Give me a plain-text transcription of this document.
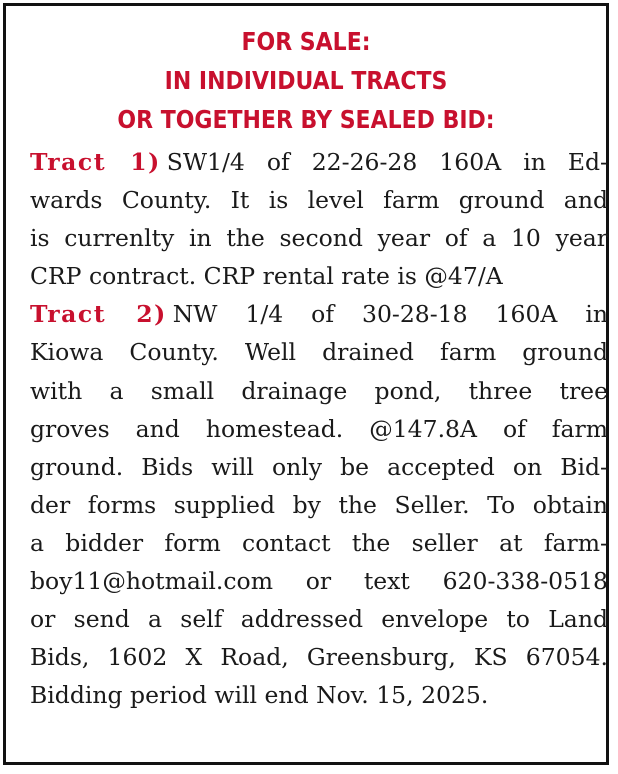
FOR SALE:
IN INDIVIDUAL TRACTS
OR TOGETHER BY SEALED BID:
Tract 1) SW1/4 of 22-26-28 160A in Ed-
wards County. It is level farm ground and
is currenlty in the second year of a 10 year
CRP contract. CRP rental rate is @47/A
Tract 2) NW 1/4 of 30-28-18 160A in
Kiowa County. Well drained farm ground
with a small drainage pond, three tree
groves and homestead. @147.8A of farm
ground. Bids will only be accepted on Bid-
der forms supplied by the Seller. To obtain
a bidder form contact the seller at farm-
boy11@hotmail.com or text 620-338-0518
or send a self addressed envelope to Land
Bids, 1602 X Road, Greensburg, KS 67054.
Bidding period will end Nov. 15, 2025.
